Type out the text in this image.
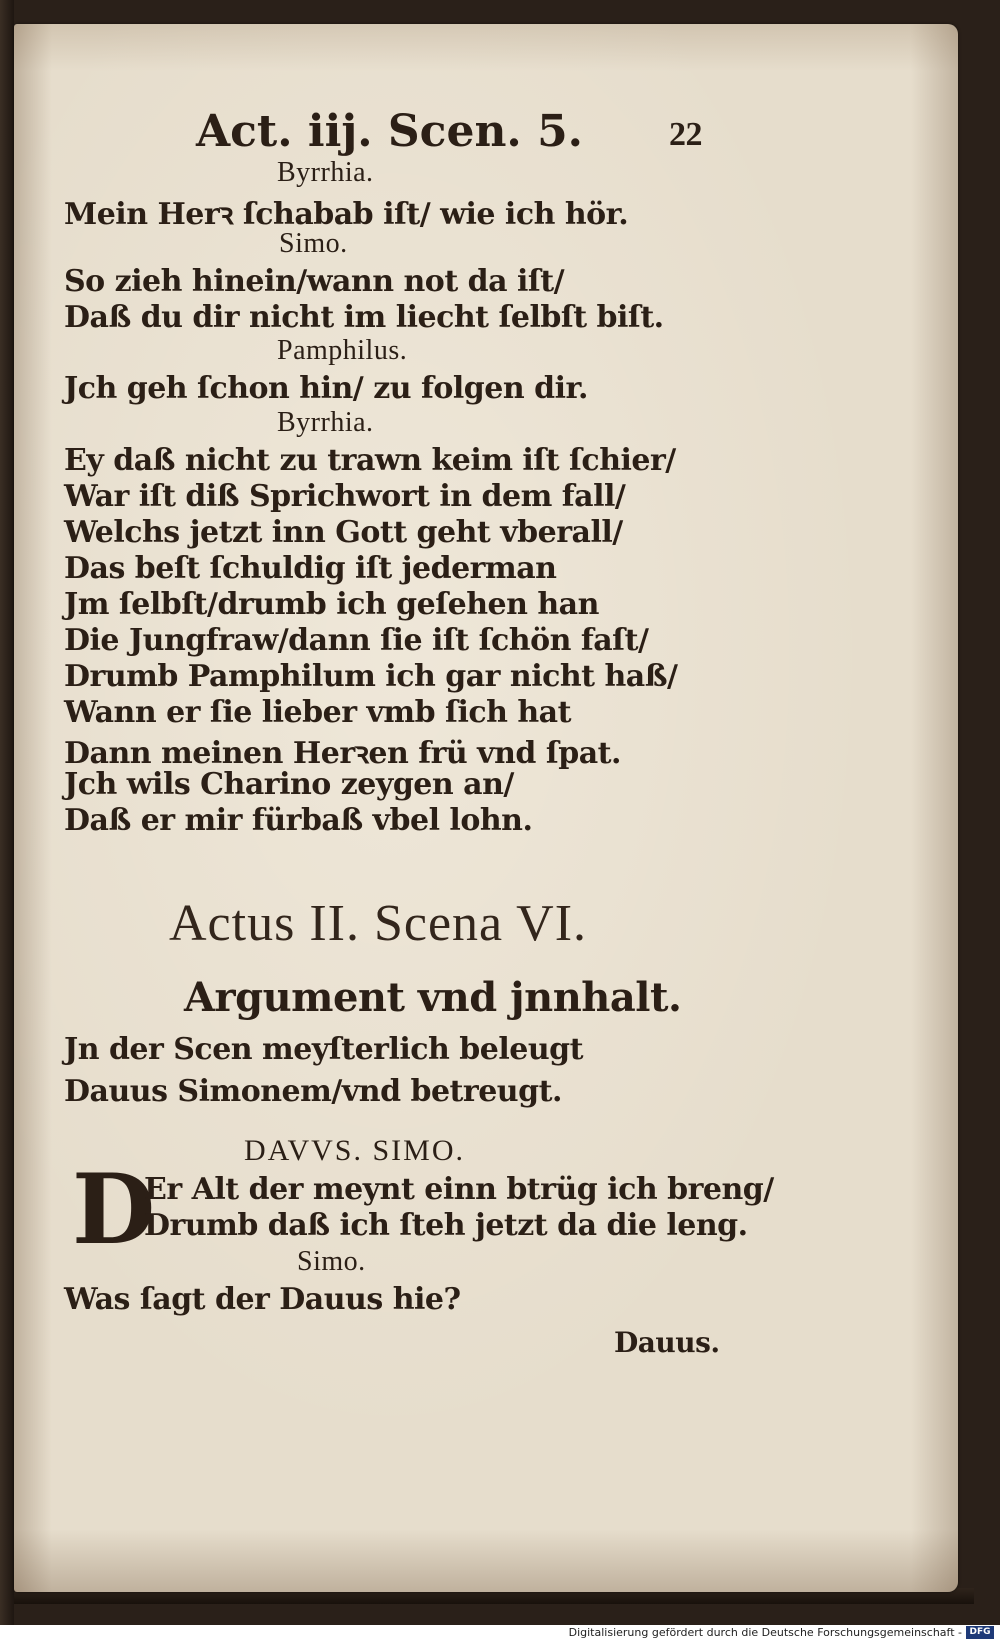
Act. iij. Scen. 5.	22
Byrrhia.
Mein Herꝛ ſchabab iſt/ wie ich hör.
Simo.
So zieh hinein/wann not da iſt/
Daß du dir nicht im liecht ſelbſt biſt.
Pamphilus.
Jch geh ſchon hin/ zu folgen dir.
Byrrhia.
Ey daß nicht zu trawn keim iſt ſchier/
War iſt diß Sprichwort in dem fall/
Welchs jetzt inn Gott geht vberall/
Das beſt ſchuldig iſt jederman
Jm ſelbſt/drumb ich geſehen han
Die Jungfraw/dann ſie iſt ſchön faſt/
Drumb Pamphilum ich gar nicht haß/
Wann er ſie lieber vmb ſich hat
Dann meinen Herꝛen frü vnd ſpat.
Jch wils Charino zeygen an/
Daß er mir fürbaß vbel lohn.
Actus II. Scena VI.
Argument vnd jnnhalt.
Jn der Scen meyſterlich beleugt
Dauus Simonem/vnd betreugt.
DAVVS. SIMO.
D
Er Alt der meynt einn btrüg ich breng/
Drumb daß ich ſteh jetzt da die leng.
Simo.
Was ſagt der Dauus hie?
Dauus.
Digitalisierung gefördert durch die Deutsche Forschungsgemeinschaft - DFG
